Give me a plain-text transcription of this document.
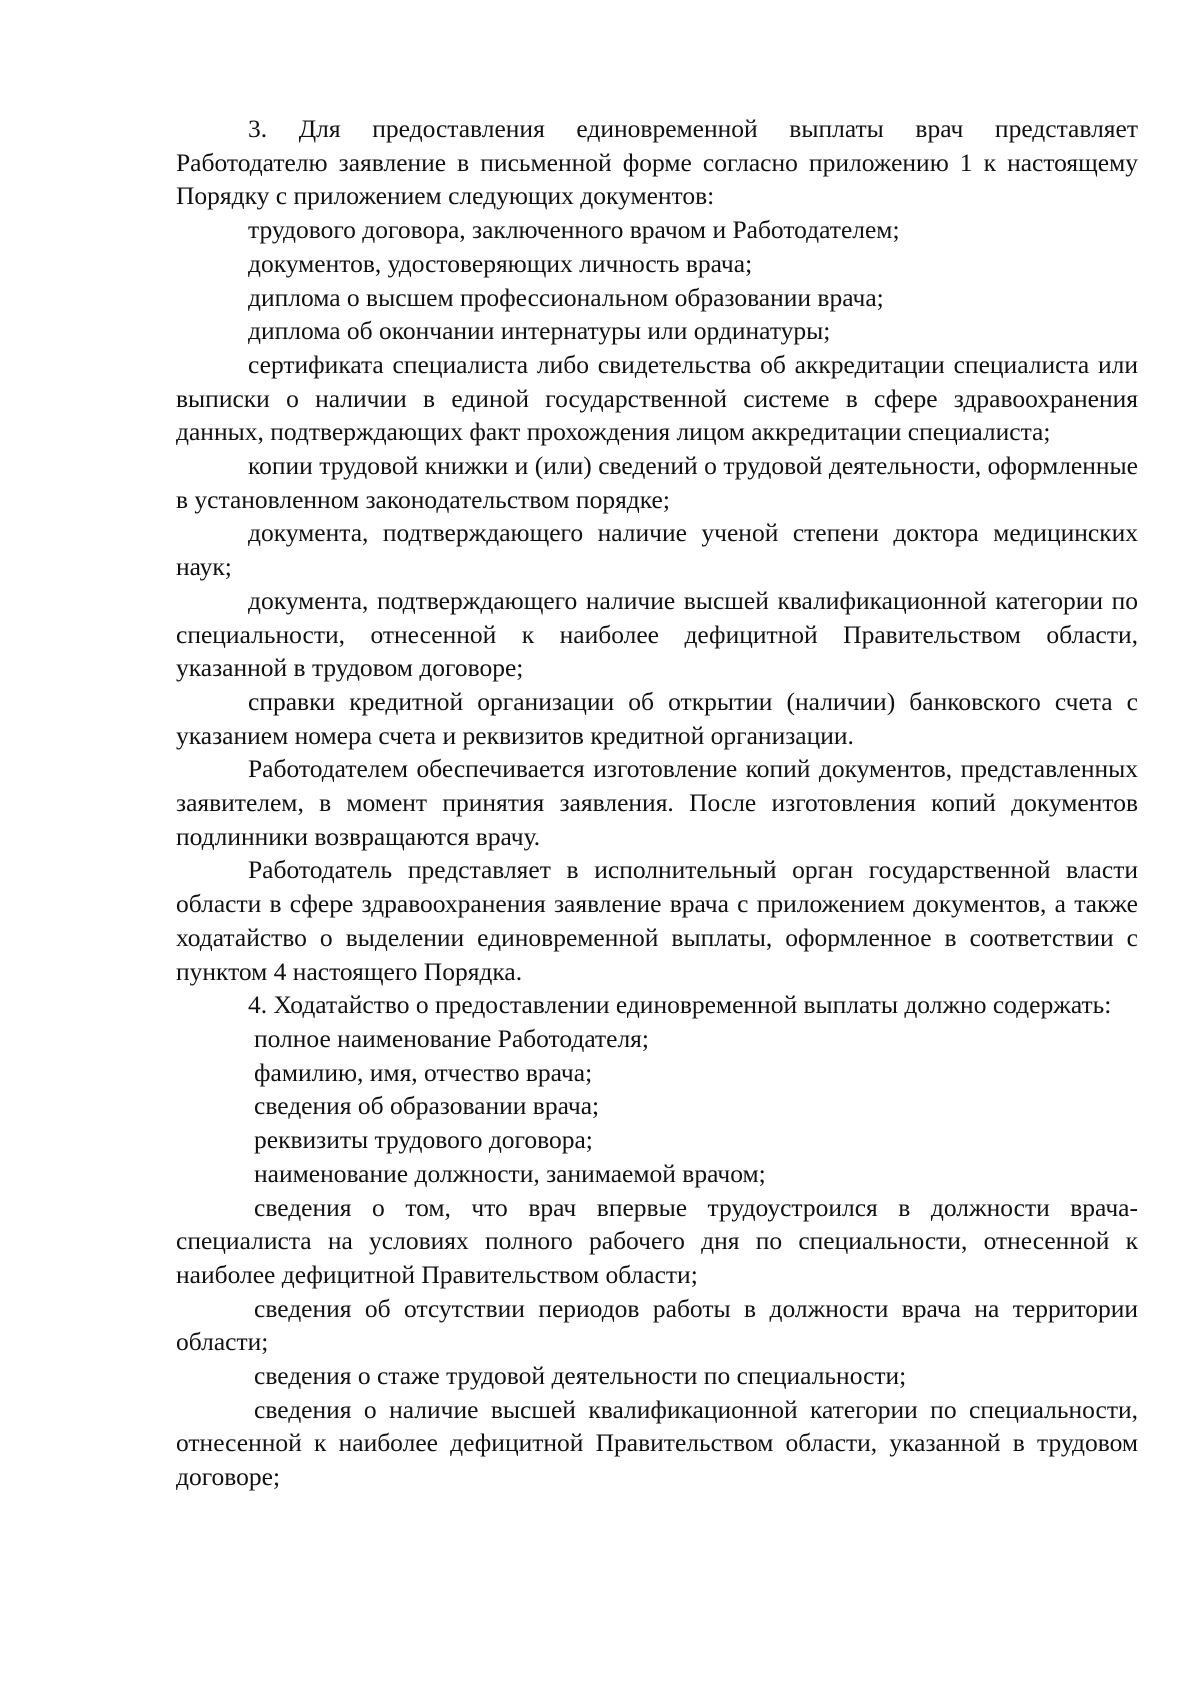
3. Для предоставления единовременной выплаты врач представляет Работодателю заявление в письменной форме согласно приложению 1 к настоящему Порядку с приложением следующих документов:

трудового договора, заключенного врачом и Работодателем;

документов, удостоверяющих личность врача;

диплома о высшем профессиональном образовании врача;

диплома об окончании интернатуры или ординатуры;

сертификата специалиста либо свидетельства об аккредитации специалиста или выписки о наличии в единой государственной системе в сфере здравоохранения данных, подтверждающих факт прохождения лицом аккредитации специалиста;

копии трудовой книжки и (или) сведений о трудовой деятельности, оформленные в установленном законодательством порядке;

документа, подтверждающего наличие ученой степени доктора медицинских наук;

документа, подтверждающего наличие высшей квалификационной категории по специальности, отнесенной к наиболее дефицитной Правительством области, указанной в трудовом договоре;

справки кредитной организации об открытии (наличии) банковского счета с указанием номера счета и реквизитов кредитной организации.

Работодателем обеспечивается изготовление копий документов, представленных заявителем, в момент принятия заявления. После изготовления копий документов подлинники возвращаются врачу.

Работодатель представляет в исполнительный орган государственной власти области в сфере здравоохранения заявление врача с приложением документов, а также ходатайство о выделении единовременной выплаты, оформленное в соответствии с пунктом 4 настоящего Порядка.

4. Ходатайство о предоставлении единовременной выплаты должно содержать:

полное наименование Работодателя;

фамилию, имя, отчество врача;

сведения об образовании врача;

реквизиты трудового договора;

наименование должности, занимаемой врачом;

сведения о том, что врач впервые трудоустроился в должности врача-специалиста на условиях полного рабочего дня по специальности, отнесенной к наиболее дефицитной Правительством области;

сведения об отсутствии периодов работы в должности врача на территории области;

сведения о стаже трудовой деятельности по специальности;

сведения о наличие высшей квалификационной категории по специальности, отнесенной к наиболее дефицитной Правительством области, указанной в трудовом договоре;
